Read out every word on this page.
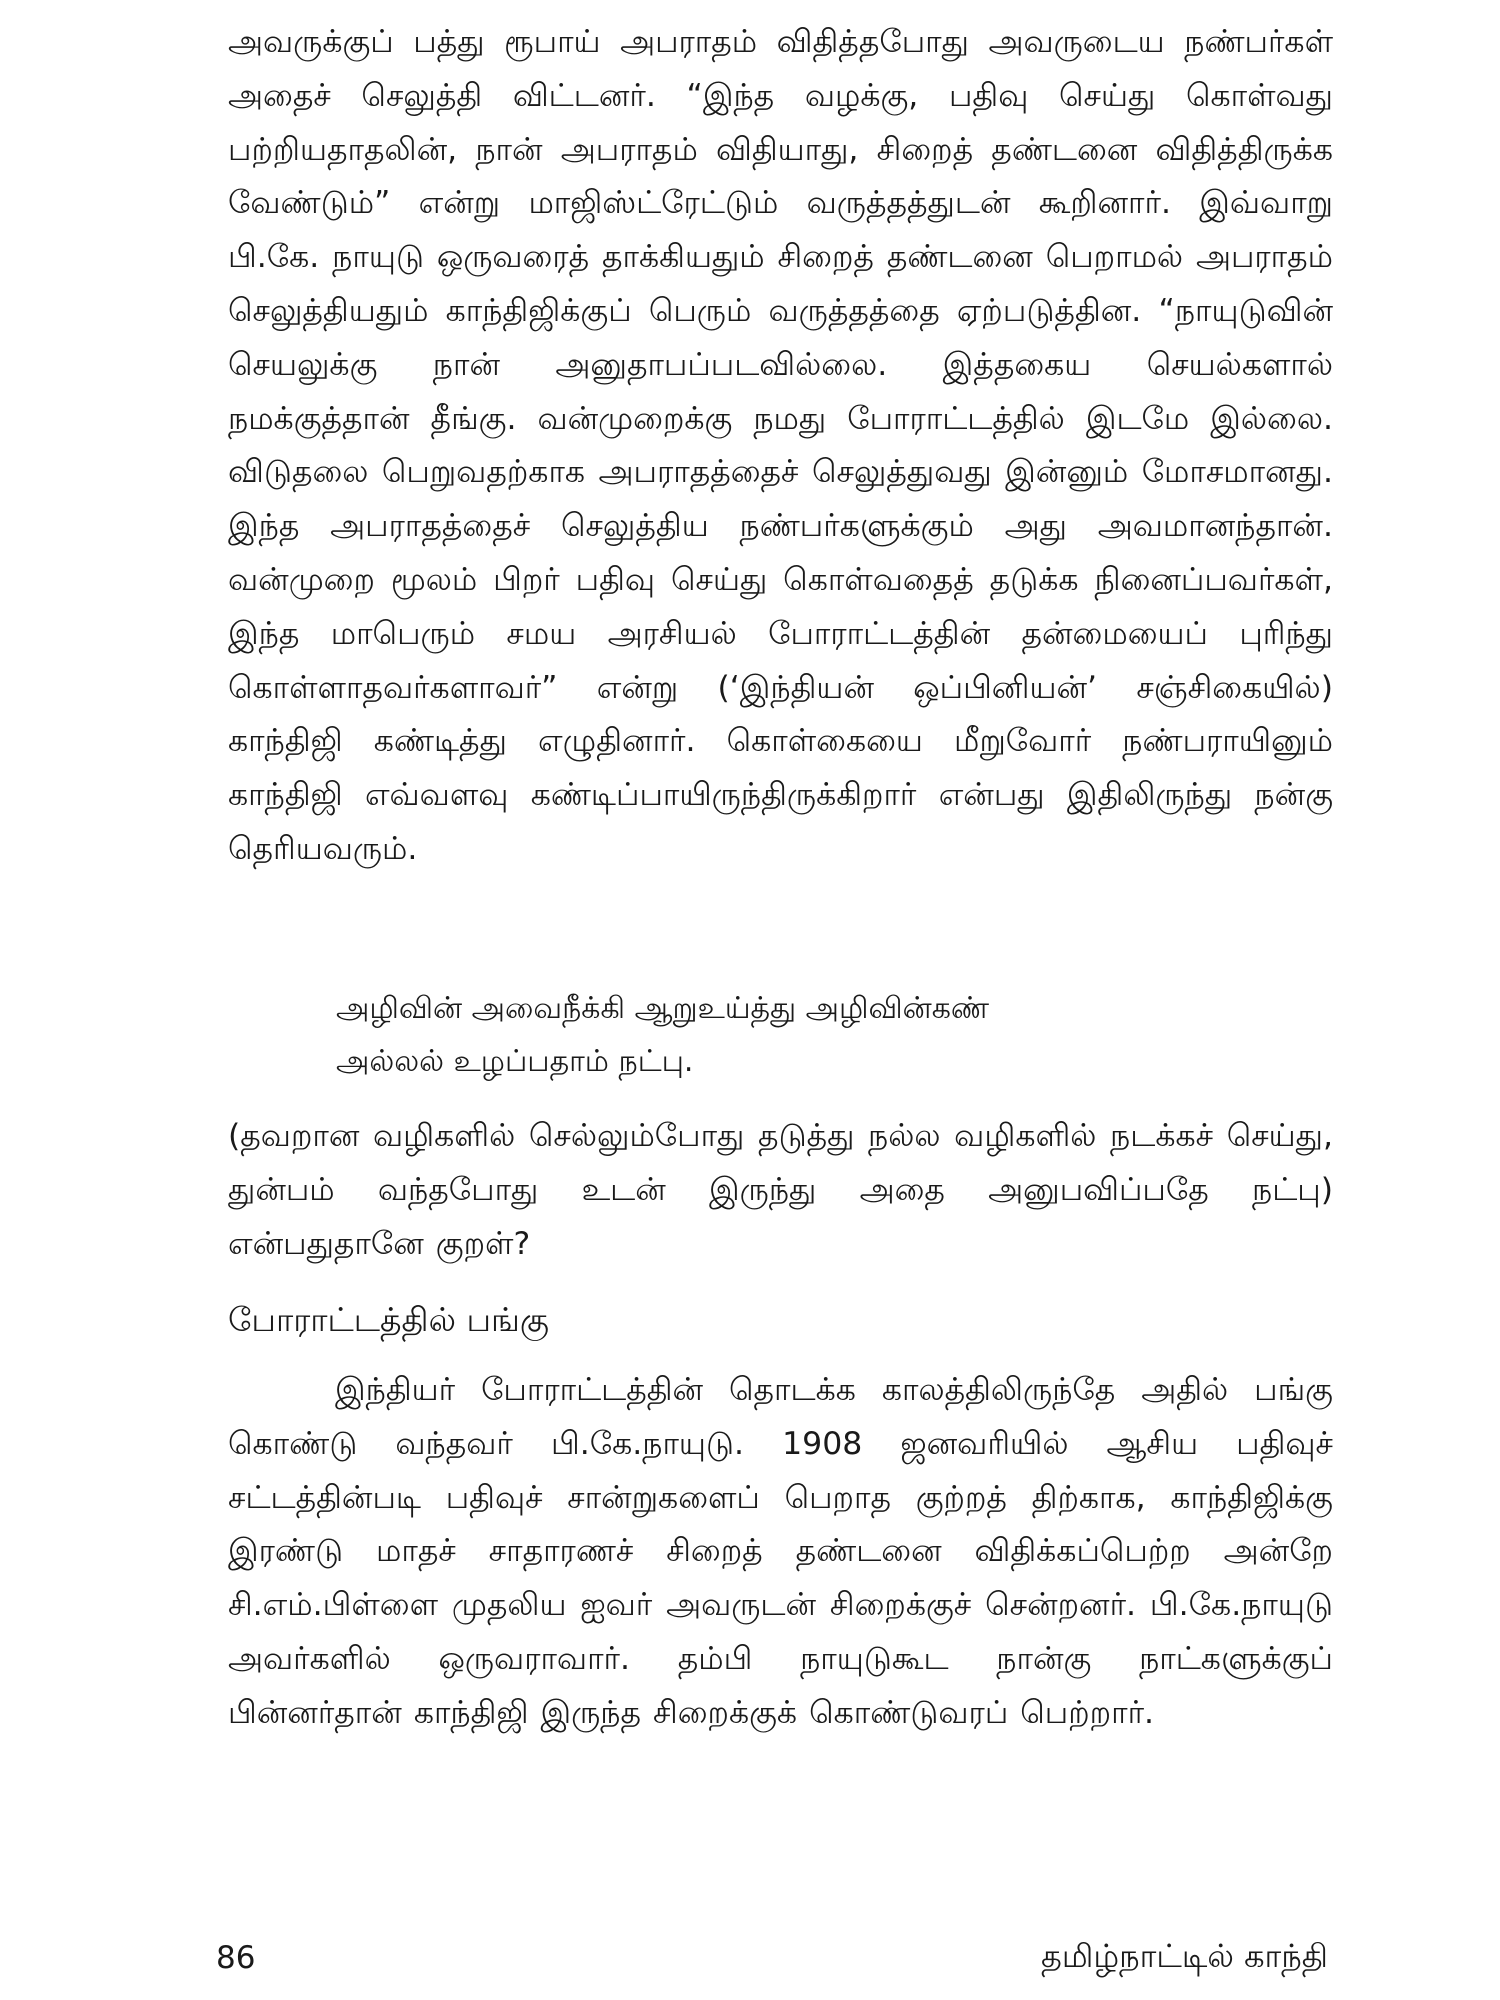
அவருக்குப் பத்து ரூபாய் அபராதம் விதித்தபோது அவருடைய நண்பர்கள் அதைச் செலுத்தி விட்டனர். “இந்த வழக்கு, பதிவு செய்து கொள்வது பற்றியதாதலின், நான் அபராதம் விதியாது, சிறைத் தண்டனை விதித்திருக்க வேண்டும்” என்று மாஜிஸ்ட்ரேட்டும் வருத்தத்துடன் கூறினார். இவ்வாறு பி.கே. நாயுடு ஒருவரைத் தாக்கியதும் சிறைத் தண்டனை பெறாமல் அபராதம் செலுத்தியதும் காந்திஜிக்குப் பெரும் வருத்தத்தை ஏற்படுத்தின. “நாயுடுவின் செயலுக்கு நான் அனுதாபப்படவில்லை. இத்தகைய செயல்களால் நமக்குத்தான் தீங்கு. வன்முறைக்கு நமது போராட்டத்தில் இடமே இல்லை. விடுதலை பெறுவதற்காக அபராதத்தைச் செலுத்துவது இன்னும் மோசமானது. இந்த அபராதத்தைச் செலுத்திய நண்பர்களுக்கும் அது அவமானந்தான். வன்முறை மூலம் பிறர் பதிவு செய்து கொள்வதைத் தடுக்க நினைப்பவர்கள், இந்த மாபெரும் சமய அரசியல் போராட்டத்தின் தன்மையைப் புரிந்து கொள்ளாதவர்களாவர்” என்று (‘இந்தியன் ஒப்பினியன்’ சஞ்சிகையில்) காந்திஜி கண்டித்து எழுதினார். கொள்கையை மீறுவோர் நண்பராயினும் காந்திஜி எவ்வளவு கண்டிப்பாயிருந்திருக்கிறார் என்பது இதிலிருந்து நன்கு தெரியவரும்.

அழிவின் அவைநீக்கி ஆறுஉய்த்து அழிவின்கண்
அல்லல் உழப்பதாம் நட்பு.

(தவறான வழிகளில் செல்லும்போது தடுத்து நல்ல வழிகளில் நடக்கச் செய்து, துன்பம் வந்தபோது உடன் இருந்து அதை அனுபவிப்பதே நட்பு) என்பதுதானே குறள்?

போராட்டத்தில் பங்கு

இந்தியர் போராட்டத்தின் தொடக்க காலத்திலிருந்தே அதில் பங்கு கொண்டு வந்தவர் பி.கே.நாயுடு. 1908 ஜனவரியில் ஆசிய பதிவுச் சட்டத்தின்படி பதிவுச் சான்றுகளைப் பெறாத குற்றத் திற்காக, காந்திஜிக்கு இரண்டு மாதச் சாதாரணச் சிறைத் தண்டனை விதிக்கப்பெற்ற அன்றே சி.எம்.பிள்ளை முதலிய ஐவர் அவருடன் சிறைக்குச் சென்றனர். பி.கே.நாயுடு அவர்களில் ஒருவராவார். தம்பி நாயுடுகூட நான்கு நாட்களுக்குப் பின்னர்தான் காந்திஜி இருந்த சிறைக்குக் கொண்டுவரப் பெற்றார்.

86	தமிழ்நாட்டில் காந்தி
